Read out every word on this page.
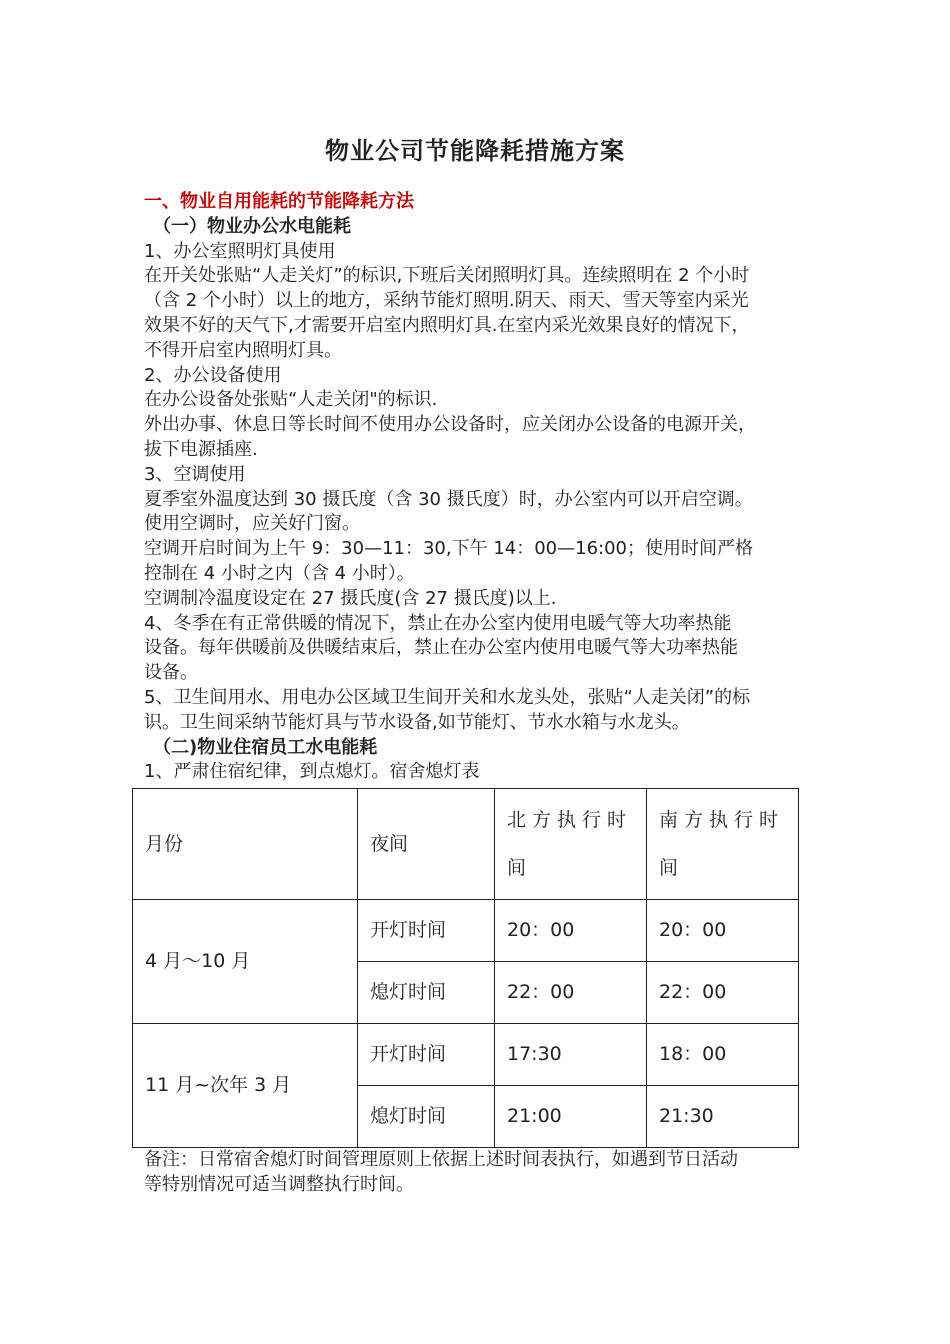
物业公司节能降耗措施方案

一、物业自用能耗的节能降耗方法

（一）物业办公水电能耗

1、办公室照明灯具使用

在开关处张贴“人走关灯”的标识,下班后关闭照明灯具。连续照明在 2 个小时

（含 2 个小时）以上的地方，采纳节能灯照明.阴天、雨天、雪天等室内采光

效果不好的天气下,才需要开启室内照明灯具.在室内采光效果良好的情况下，

不得开启室内照明灯具。

2、办公设备使用

在办公设备处张贴“人走关闭"的标识.

外出办事、休息日等长时间不使用办公设备时，应关闭办公设备的电源开关，

拔下电源插座.

3、空调使用

夏季室外温度达到 30 摄氏度（含 30 摄氏度）时，办公室内可以开启空调。

使用空调时，应关好门窗。

空调开启时间为上午 9：30—11：30,下午 14：00—16:00；使用时间严格

控制在 4 小时之内（含 4 小时）。

空调制冷温度设定在 27 摄氏度(含 27 摄氏度)以上.

4、冬季在有正常供暖的情况下，禁止在办公室内使用电暖气等大功率热能

设备。每年供暖前及供暖结束后，禁止在办公室内使用电暖气等大功率热能

设备。

5、卫生间用水、用电办公区域卫生间开关和水龙头处，张贴“人走关闭”的标

识。卫生间采纳节能灯具与节水设备,如节能灯、节水水箱与水龙头。

（二)物业住宿员工水电能耗

1、严肃住宿纪律，到点熄灯。宿舍熄灯表

月份	夜间	北方执行时间	南方执行时间
4 月～10 月	开灯时间	20：00	20：00
	熄灯时间	22：00	22：00
11 月~次年 3 月	开灯时间	17:30	18：00
	熄灯时间	21:00	21:30

备注：日常宿舍熄灯时间管理原则上依据上述时间表执行，如遇到节日活动

等特别情况可适当调整执行时间。
